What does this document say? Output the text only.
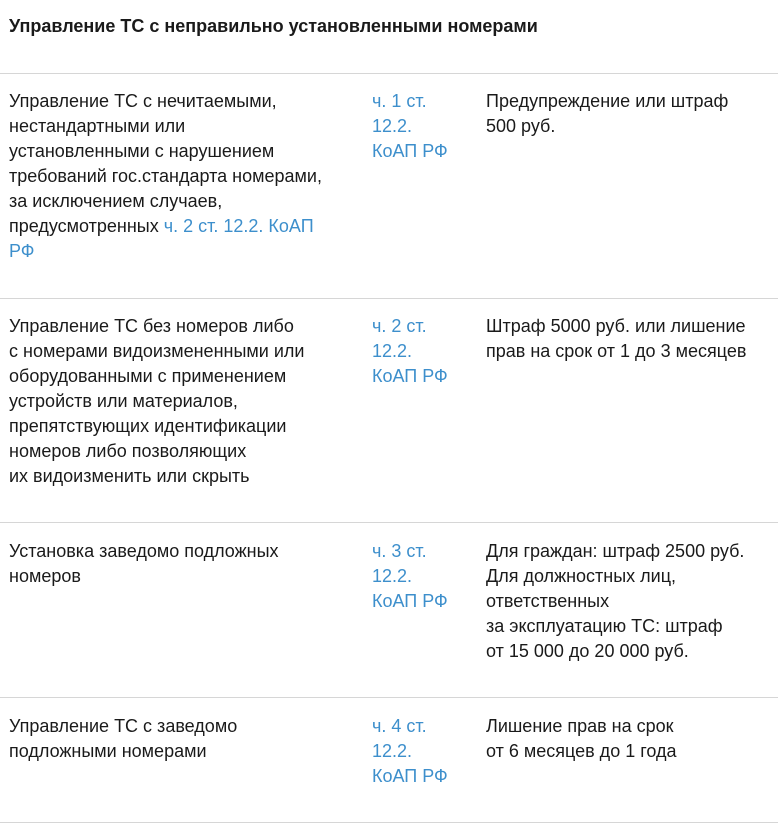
Управление ТС с неправильно установленными номерами
Управление ТС с нечитаемыми,
нестандартными или
установленными с нарушением
требований гос.стандарта номерами,
за исключением случаев,
предусмотренных ч. 2 ст. 12.2. КоАП
РФ
ч. 1 ст.
12.2.
КоАП РФ
Предупреждение или штраф
500 руб.
Управление ТС без номеров либо
с номерами видоизмененными или
оборудованными с применением
устройств или материалов,
препятствующих идентификации
номеров либо позволяющих
их видоизменить или скрыть
ч. 2 ст.
12.2.
КоАП РФ
Штраф 5000 руб. или лишение
прав на срок от 1 до 3 месяцев
Установка заведомо подложных
номеров
ч. 3 ст.
12.2.
КоАП РФ
Для граждан: штраф 2500 руб.
Для должностных лиц,
ответственных
за эксплуатацию ТС: штраф
от 15 000 до 20 000 руб.
Управление ТС с заведомо
подложными номерами
ч. 4 ст.
12.2.
КоАП РФ
Лишение прав на срок
от 6 месяцев до 1 года
